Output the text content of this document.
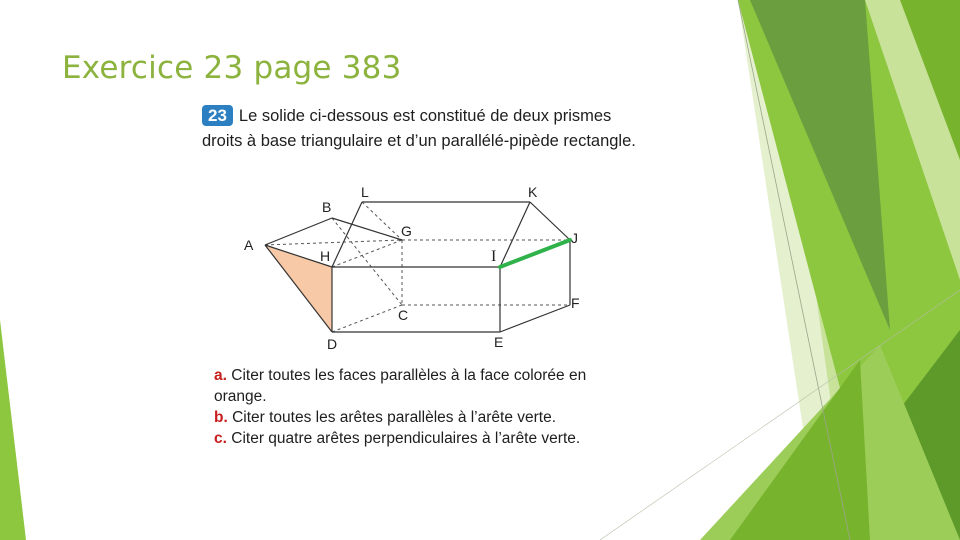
Exercice 23 page 383

23 Le solide ci-dessous est constitué de deux prismes droits à base triangulaire et d’un parallélé-pipède rectangle.

A
B
C
D	E
F
G
H	I
J
K
L

a. Citer toutes les faces parallèles à la face colorée en orange.

b. Citer toutes les arêtes parallèles à l’arête verte.

c. Citer quatre arêtes perpendiculaires à l’arête verte.
